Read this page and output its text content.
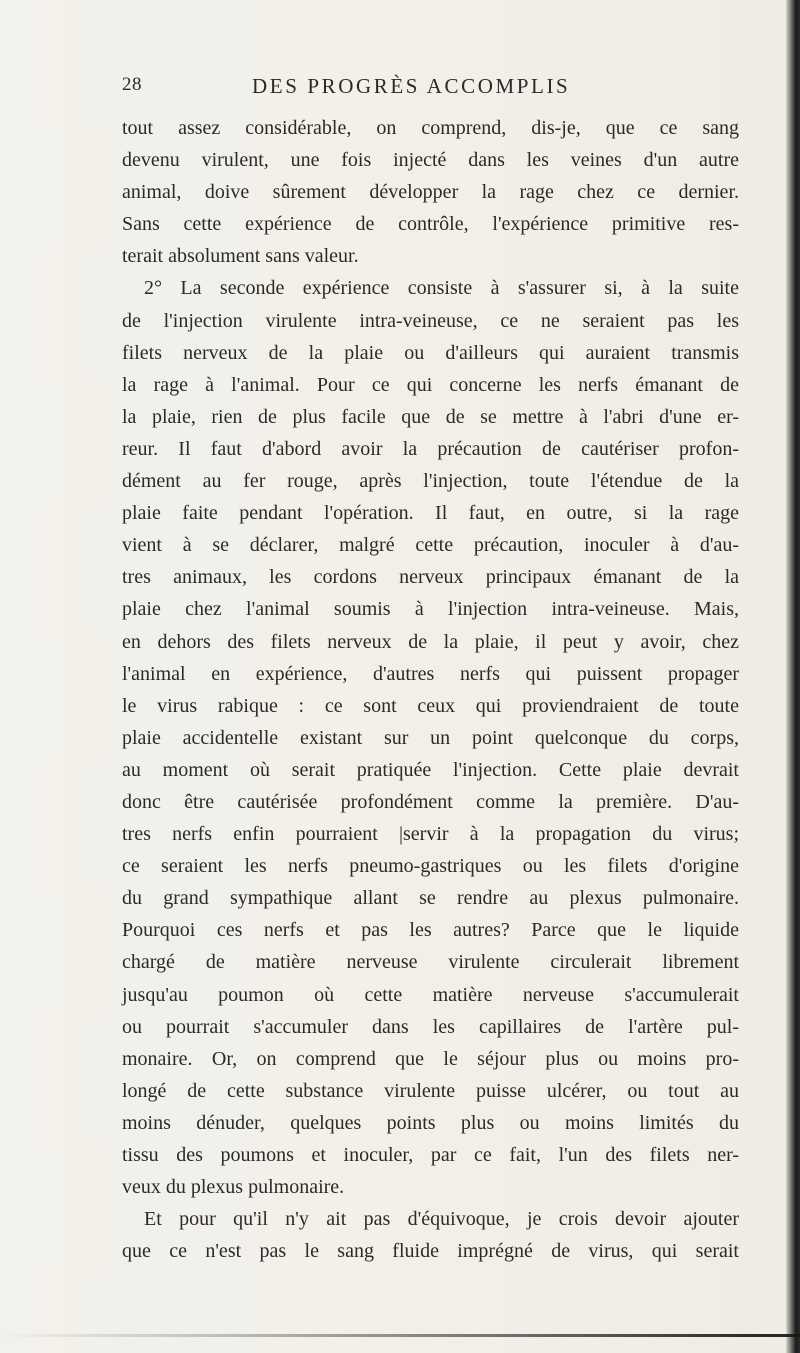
28	DES PROGRÈS ACCOMPLIS
tout assez considérable, on comprend, dis-je, que ce sang
devenu virulent, une fois injecté dans les veines d'un autre
animal, doive sûrement développer la rage chez ce dernier.
Sans cette expérience de contrôle, l'expérience primitive res-
terait absolument sans valeur.
2° La seconde expérience consiste à s'assurer si, à la suite
de l'injection virulente intra-veineuse, ce ne seraient pas les
filets nerveux de la plaie ou d'ailleurs qui auraient transmis
la rage à l'animal. Pour ce qui concerne les nerfs émanant de
la plaie, rien de plus facile que de se mettre à l'abri d'une er-
reur. Il faut d'abord avoir la précaution de cautériser profon-
dément au fer rouge, après l'injection, toute l'étendue de la
plaie faite pendant l'opération. Il faut, en outre, si la rage
vient à se déclarer, malgré cette précaution, inoculer à d'au-
tres animaux, les cordons nerveux principaux émanant de la
plaie chez l'animal soumis à l'injection intra-veineuse. Mais,
en dehors des filets nerveux de la plaie, il peut y avoir, chez
l'animal en expérience, d'autres nerfs qui puissent propager
le virus rabique : ce sont ceux qui proviendraient de toute
plaie accidentelle existant sur un point quelconque du corps,
au moment où serait pratiquée l'injection. Cette plaie devrait
donc être cautérisée profondément comme la première. D'au-
tres nerfs enfin pourraient |servir à la propagation du virus;
ce seraient les nerfs pneumo-gastriques ou les filets d'origine
du grand sympathique allant se rendre au plexus pulmonaire.
Pourquoi ces nerfs et pas les autres? Parce que le liquide
chargé de matière nerveuse virulente circulerait librement
jusqu'au poumon où cette matière nerveuse s'accumulerait
ou pourrait s'accumuler dans les capillaires de l'artère pul-
monaire. Or, on comprend que le séjour plus ou moins pro-
longé de cette substance virulente puisse ulcérer, ou tout au
moins dénuder, quelques points plus ou moins limités du
tissu des poumons et inoculer, par ce fait, l'un des filets ner-
veux du plexus pulmonaire.
Et pour qu'il n'y ait pas d'équivoque, je crois devoir ajouter
que ce n'est pas le sang fluide imprégné de virus, qui serait
